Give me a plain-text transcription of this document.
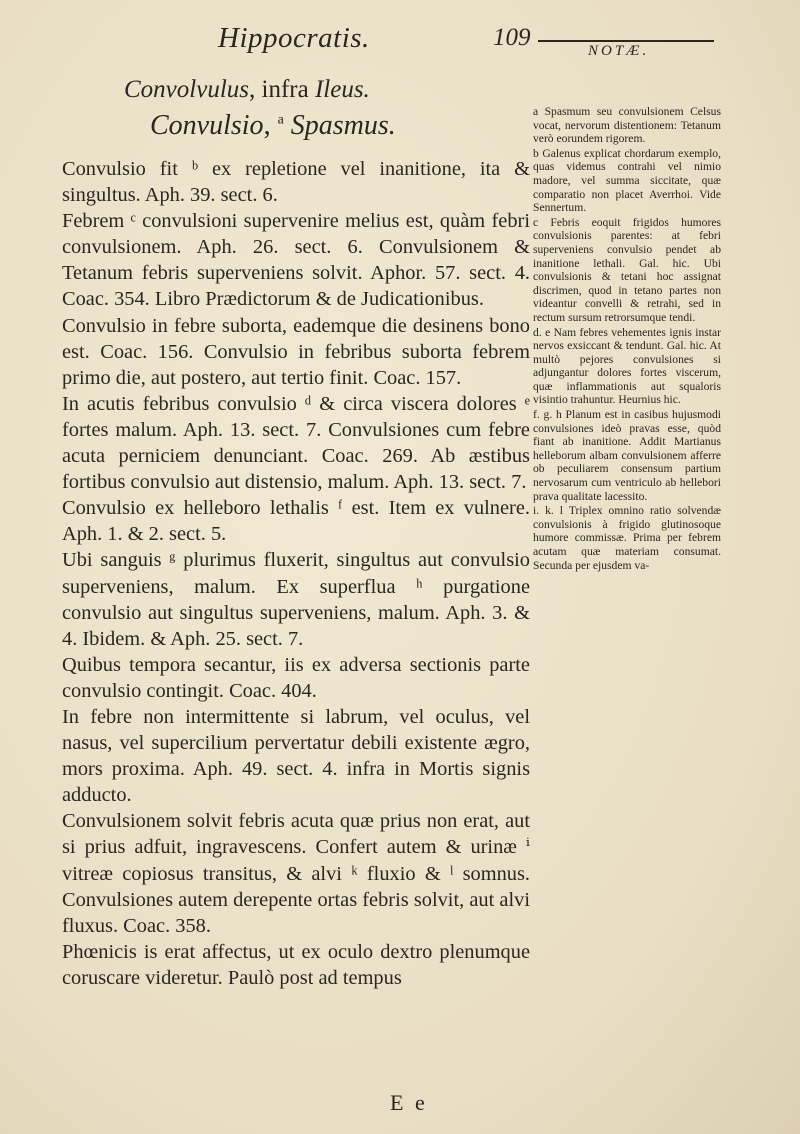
Hippocratis.	109	NOTÆ.
Convolvulus, infra Ileus.
Convulsio, $^a$ Spasmus.

Convulsio fit ᵇ ex repletione vel inanitione, ita & singultus. Aph. 39. sect. 6.

Febrem ᶜ convulsioni supervenire melius est, quàm febri convulsionem. Aph. 26. sect. 6. Convulsionem & Tetanum febris superveniens solvit. Aphor. 57. sect. 4. Coac. 354. Libro Prædictorum & de Judicationibus.

Convulsio in febre suborta, eademque die desinens bono est. Coac. 156. Convulsio in febribus suborta febrem primo die, aut postero, aut tertio finit. Coac. 157.

In acutis febribus convulsio ᵈ & circa viscera dolores ᵉ fortes malum. Aph. 13. sect. 7. Convulsiones cum febre acuta perniciem denunciant. Coac. 269. Ab æstibus fortibus convulsio aut distensio, malum. Aph. 13. sect. 7.

Convulsio ex helleboro lethalis ᶠ est. Item ex vulnere. Aph. 1. & 2. sect. 5.

Ubi sanguis ᵍ plurimus fluxerit, singultus aut convulsio superveniens, malum. Ex superflua ʰ purgatione convulsio aut singultus superveniens, malum. Aph. 3. & 4. Ibidem. & Aph. 25. sect. 7.

Quibus tempora secantur, iis ex adversa sectionis parte convulsio contingit. Coac. 404.

In febre non intermittente si labrum, vel oculus, vel nasus, vel supercilium pervertatur debili existente ægro, mors proxima. Aph. 49. sect. 4. infra in Mortis signis adducto.

Convulsionem solvit febris acuta quæ prius non erat, aut si prius adfuit, ingravescens. Confert autem & urinæ ⁱ vitreæ copiosus transitus, & alvi ᵏ fluxio & ˡ somnus. Convulsiones autem derepente ortas febris solvit, aut alvi fluxus. Coac. 358.

Phœnicis is erat affectus, ut ex oculo dextro plenumque coruscare videretur. Paulò post ad tempus

a Spasmum seu convulsionem Celsus vocat, nervorum distentionem: Tetanum verò eorundem rigorem.

b Galenus explicat chordarum exemplo, quas videmus contrahi vel nimio madore, vel summa siccitate, quæ comparatio non placet Averrhoi. Vide Sennertum.

c Febris eoquit frigidos humores convulsionis parentes: at febri superveniens convulsio pendet ab inanitione lethali. Gal. hic. Ubi convulsionis & tetani hoc assignat discrimen, quod in tetano partes non videantur convelli & retrahi, sed in rectum sursum retrorsumque tendi.

d. e Nam febres vehementes ignis instar nervos exsiccant & tendunt. Gal. hic. At multò pejores convulsiones si adjungantur dolores fortes viscerum, quæ inflammationis aut squaloris visintio trahuntur. Heurnius hic.

f. g. h Planum est in casibus hujusmodi convulsiones ideò pravas esse, quòd fiant ab inanitione. Addit Martianus helleborum albam convulsionem afferre ob peculiarem consensum partium nervosarum cum ventriculo ab hellebori prava qualitate lacessito.

i. k. l Triplex omnino ratio solvendæ convulsionis à frigido glutinosoque humore commissæ. Prima per febrem acutam quæ materiam consumat. Secunda per ejusdem va-

E e
